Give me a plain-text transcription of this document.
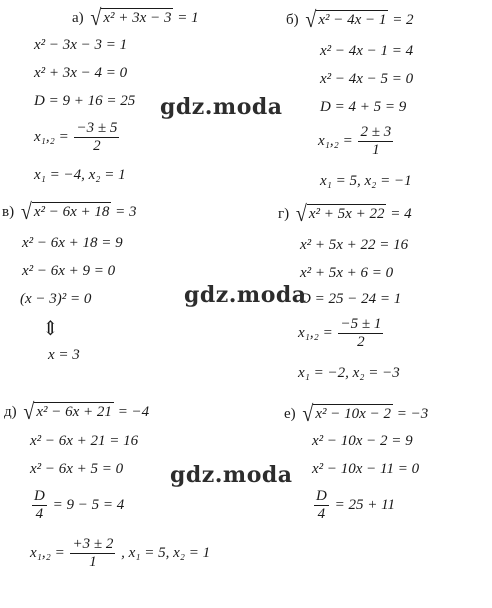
а) √ x² + 3x − 3 = 1
x² − 3x − 3 = 1
x² + 3x − 4 = 0
D = 9 + 16 = 25
$x_1,_2 = \frac{-3 \pm 5}{2}$
x₁ = −4, x₂ = 1
б) √ x² − 4x − 1 = 2
x² − 4x − 1 = 4
x² − 4x − 5 = 0
D = 4 + 5 = 9
$x_1,_2 = \frac{2 \pm 3}{1}$
x₁ = 5, x₂ = −1
в) √ x² − 6x + 18 = 3
x² − 6x + 18 = 9
x² − 6x + 9 = 0
(x − 3)² = 0
⇕
x = 3
г) √ x² + 5x + 22 = 4
x² + 5x + 22 = 16
x² + 5x + 6 = 0
D = 25 − 24 = 1
$x_1,_2 = \frac{-5 \pm 1}{2}$
x₁ = −2, x₂ = −3
д) √ x² − 6x + 21 = −4
x² − 6x + 21 = 16
x² − 6x + 5 = 0
$\frac{D}{4} = 9 - 5 = 4$
$x_1,_2 = \frac{+3 \pm 2}{1}$ , x₁ = 5, x₂ = 1
е) √ x² − 10x − 2 = −3
x² − 10x − 2 = 9
x² − 10x − 11 = 0
$\frac{D}{4} = 25 + 11$
gdz.moda
gdz.moda
gdz.moda
